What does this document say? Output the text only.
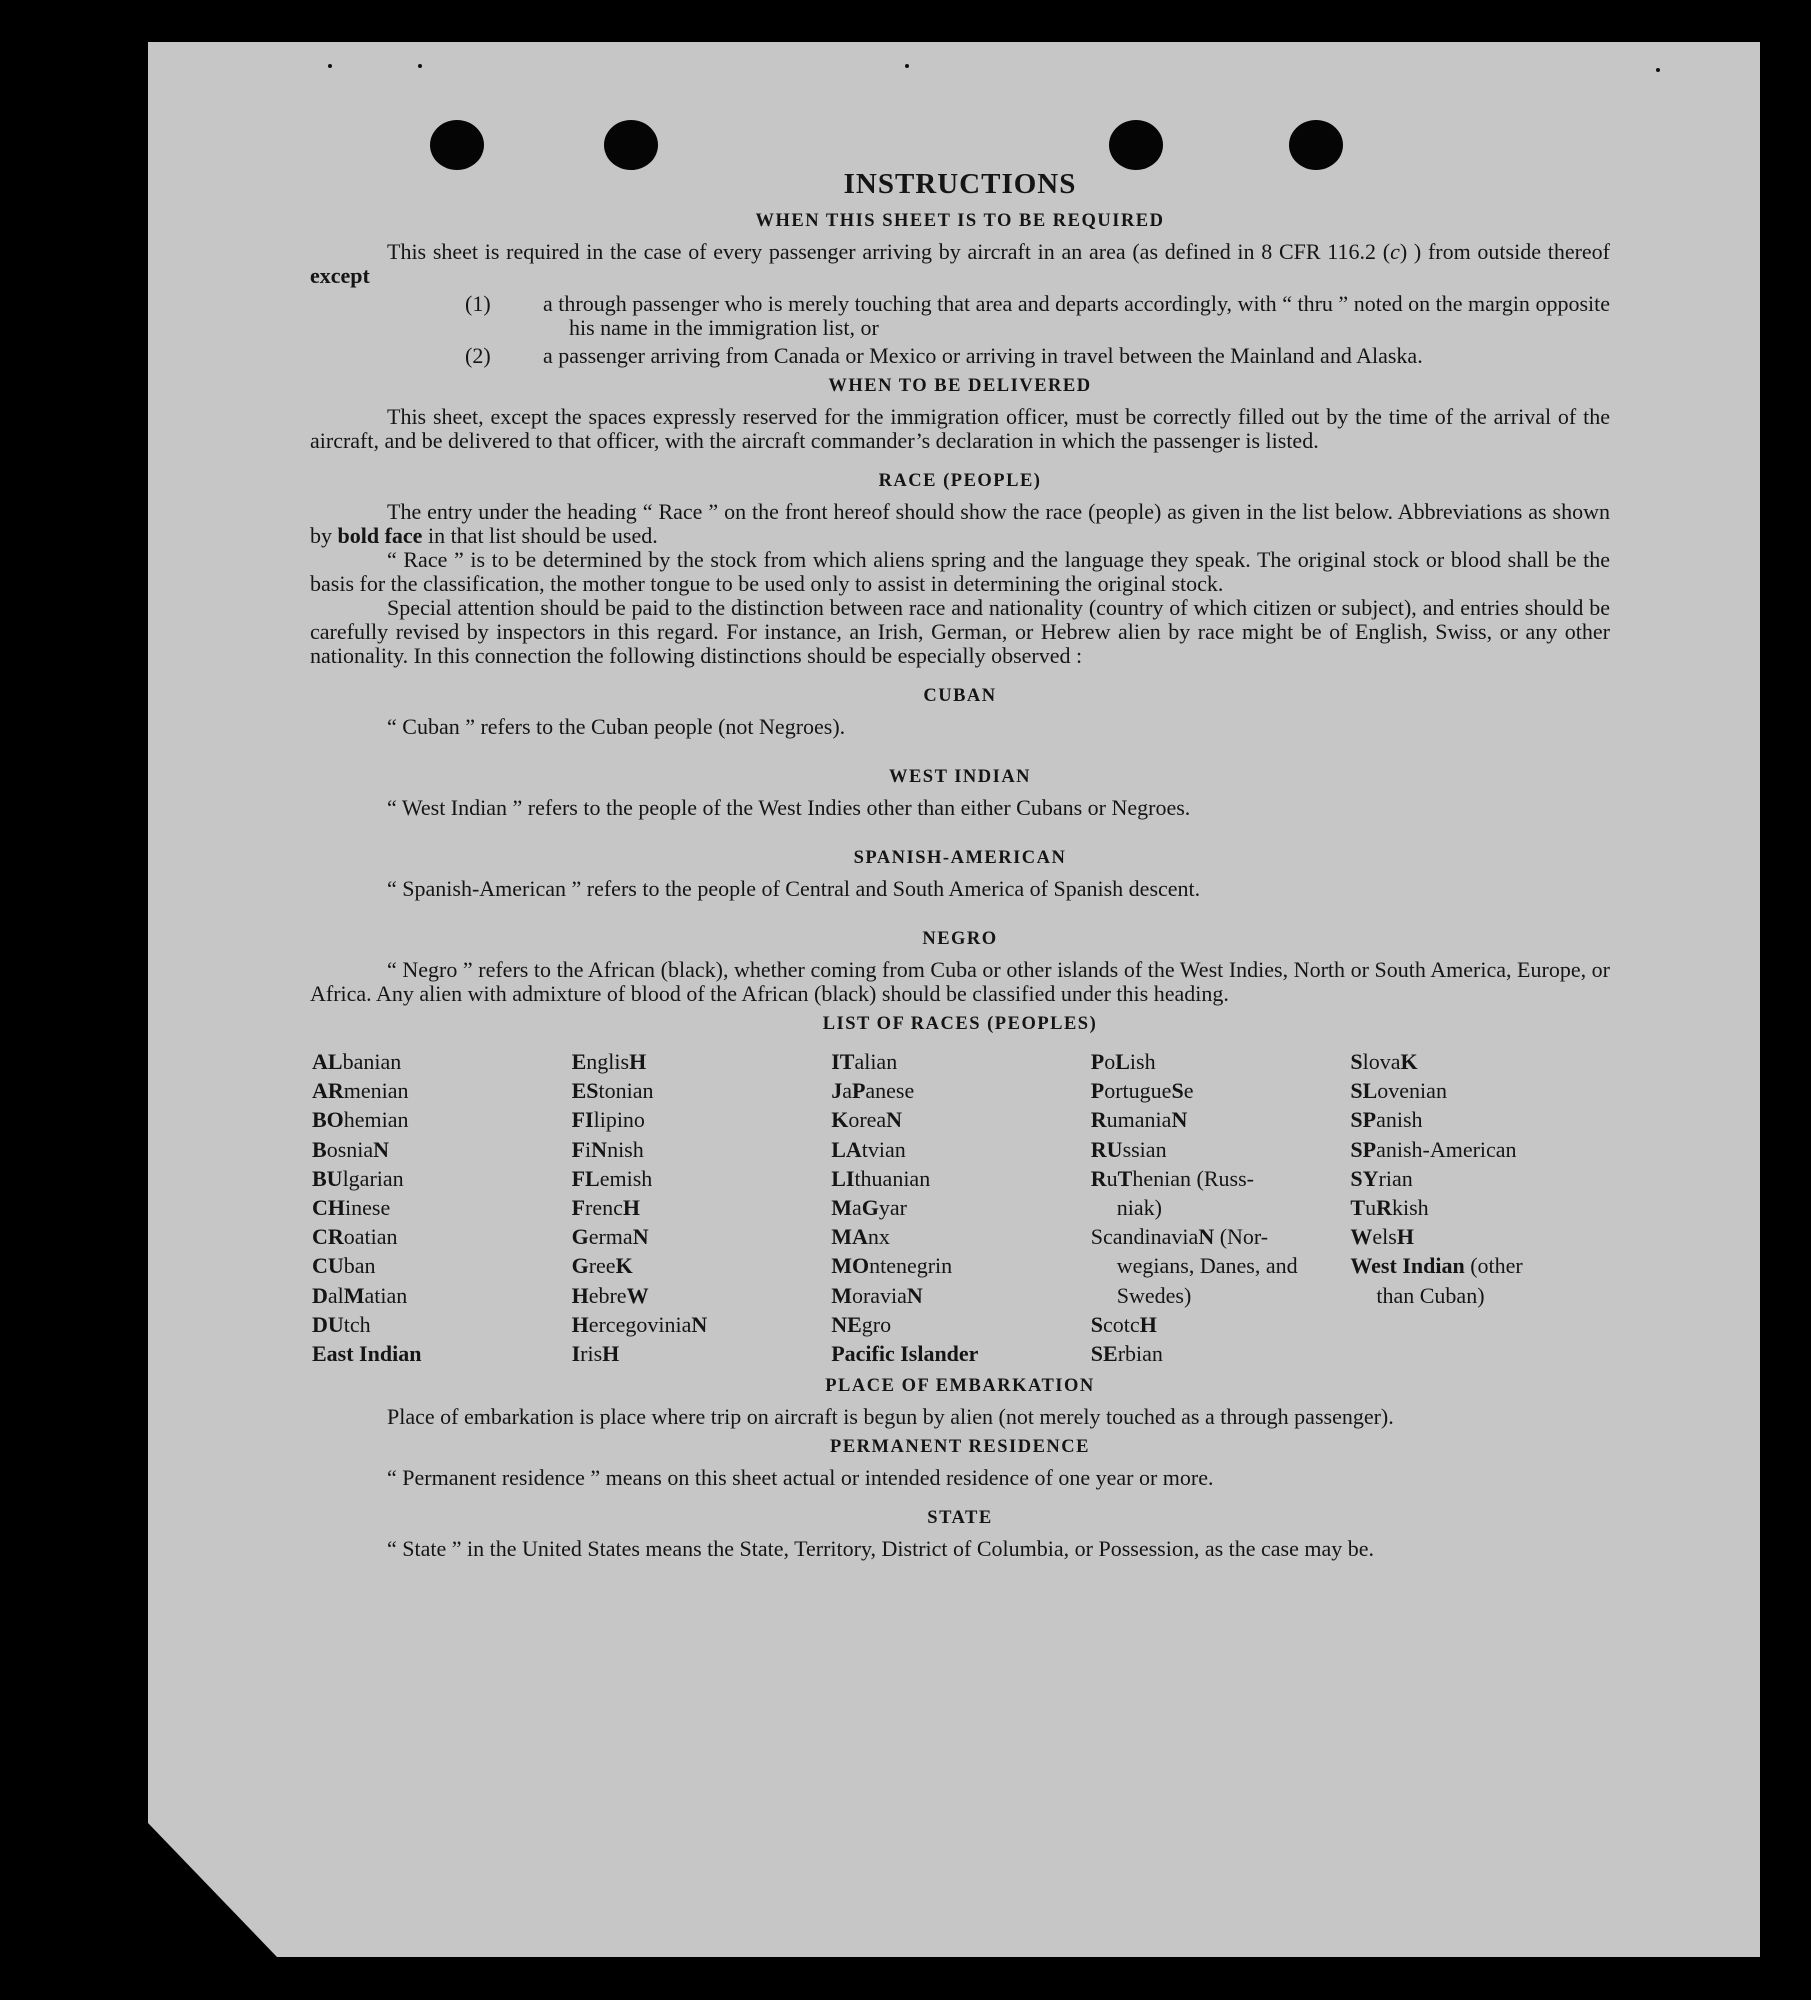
INSTRUCTIONS
WHEN THIS SHEET IS TO BE REQUIRED

This sheet is required in the case of every passenger arriving by aircraft in an area (as defined in 8 CFR 116.2 (c) ) from outside thereof except

(1) a through passenger who is merely touching that area and departs accordingly, with “ thru ” noted on the margin opposite his name in the immigration list, or
(2) a passenger arriving from Canada or Mexico or arriving in travel between the Mainland and Alaska.
WHEN TO BE DELIVERED

This sheet, except the spaces expressly reserved for the immigration officer, must be correctly filled out by the time of the arrival of the aircraft, and be delivered to that officer, with the aircraft commander’s declaration in which the passenger is listed.

RACE (PEOPLE)

The entry under the heading “ Race ” on the front hereof should show the race (people) as given in the list below. Abbreviations as shown by bold face in that list should be used.

“ Race ” is to be determined by the stock from which aliens spring and the language they speak. The original stock or blood shall be the basis for the classification, the mother tongue to be used only to assist in determining the original stock.

Special attention should be paid to the distinction between race and nationality (country of which citizen or subject), and entries should be carefully revised by inspectors in this regard. For instance, an Irish, German, or Hebrew alien by race might be of English, Swiss, or any other nationality. In this connection the following distinctions should be especially observed :

CUBAN

“ Cuban ” refers to the Cuban people (not Negroes).

WEST INDIAN

“ West Indian ” refers to the people of the West Indies other than either Cubans or Negroes.

SPANISH-AMERICAN

“ Spanish-American ” refers to the people of Central and South America of Spanish descent.

NEGRO

“ Negro ” refers to the African (black), whether coming from Cuba or other islands of the West Indies, North or South America, Europe, or Africa. Any alien with admixture of blood of the African (black) should be classified under this heading.

LIST OF RACES (PEOPLES)
ALbanian
ARmenian
BOhemian
BosniaN
BUlgarian
CHinese
CRoatian
CUban
DalMatian
DUtch
East Indian
EnglisH
EStonian
FIlipino
FiNnish
FLemish
FrencH
GermaN
GreeK
HebreW
HercegoviniaN
IrisH
ITalian
JaPanese
KoreaN
LAtvian
LIthuanian
MaGyar
MAnx
MOntenegrin
MoraviaN
NEgro
Pacific Islander
PoLish
PortugueSe
RumaniaN
RUssian
RuThenian (Russ-
niak)
ScandinaviaN (Nor-
wegians, Danes, and Swedes)
ScotcH
SErbian
SlovaK
SLovenian
SPanish
SPanish-American
SYrian
TuRkish
WelsH
West Indian (other
than Cuban)
PLACE OF EMBARKATION

Place of embarkation is place where trip on aircraft is begun by alien (not merely touched as a through passenger).

PERMANENT RESIDENCE

“ Permanent residence ” means on this sheet actual or intended residence of one year or more.

STATE

“ State ” in the United States means the State, Territory, District of Columbia, or Possession, as the case may be.
